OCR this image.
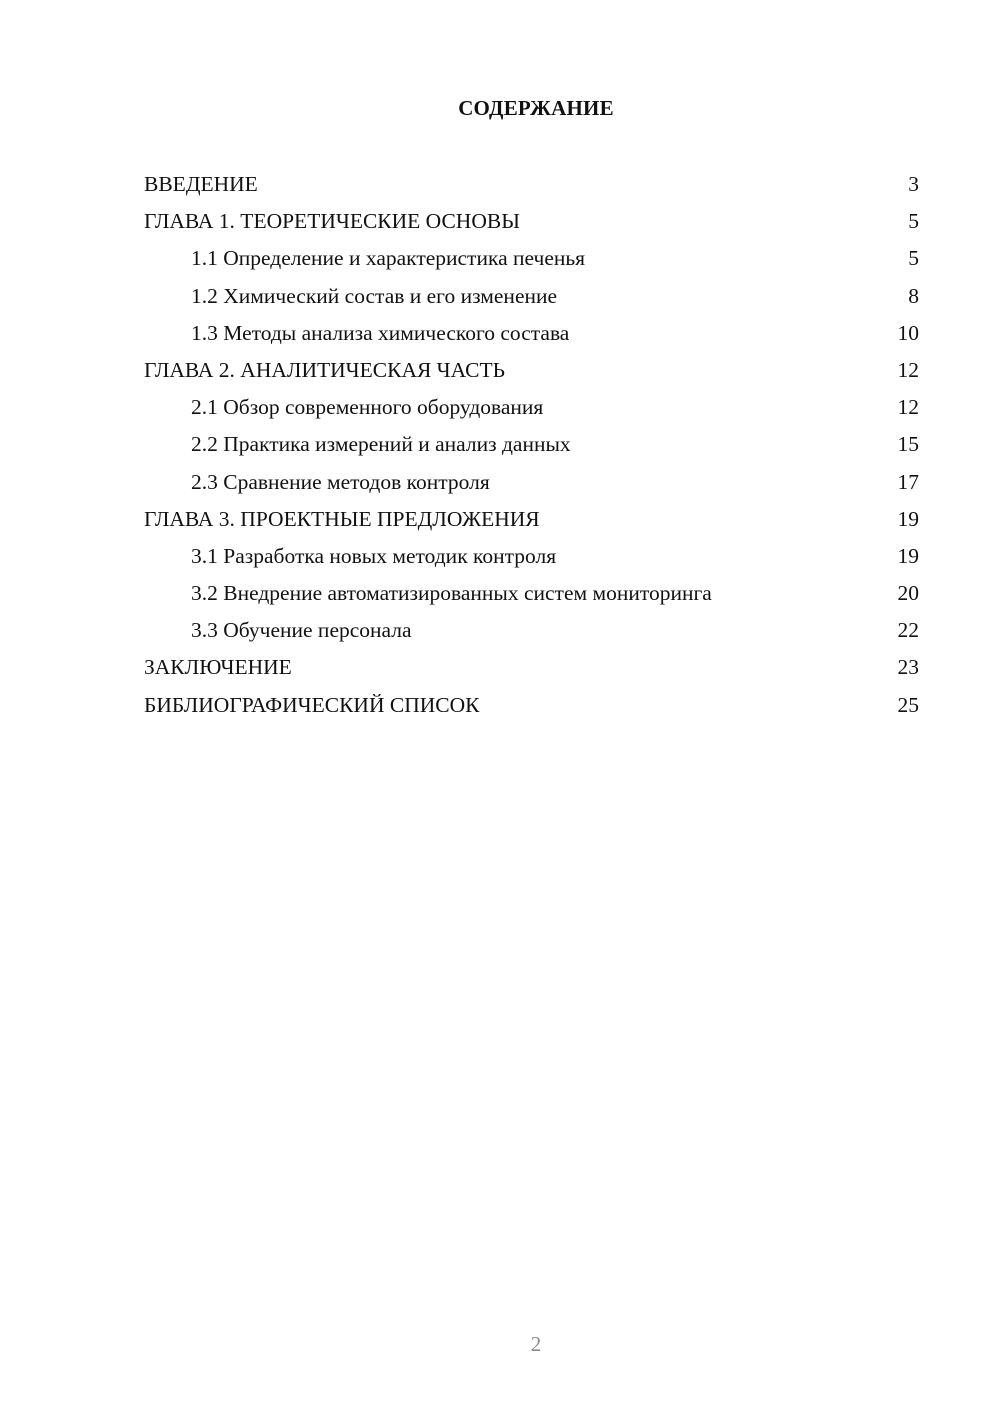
СОДЕРЖАНИЕ
ВВЕДЕНИЕ	3
ГЛАВА 1. ТЕОРЕТИЧЕСКИЕ ОСНОВЫ	5
1.1 Определение и характеристика печенья	5
1.2 Химический состав и его изменение	8
1.3 Методы анализа химического состава	10
ГЛАВА 2. АНАЛИТИЧЕСКАЯ ЧАСТЬ	12
2.1 Обзор современного оборудования	12
2.2 Практика измерений и анализ данных	15
2.3 Сравнение методов контроля	17
ГЛАВА 3. ПРОЕКТНЫЕ ПРЕДЛОЖЕНИЯ	19
3.1 Разработка новых методик контроля	19
3.2 Внедрение автоматизированных систем мониторинга	20
3.3 Обучение персонала	22
ЗАКЛЮЧЕНИЕ	23
БИБЛИОГРАФИЧЕСКИЙ СПИСОК	25
2
